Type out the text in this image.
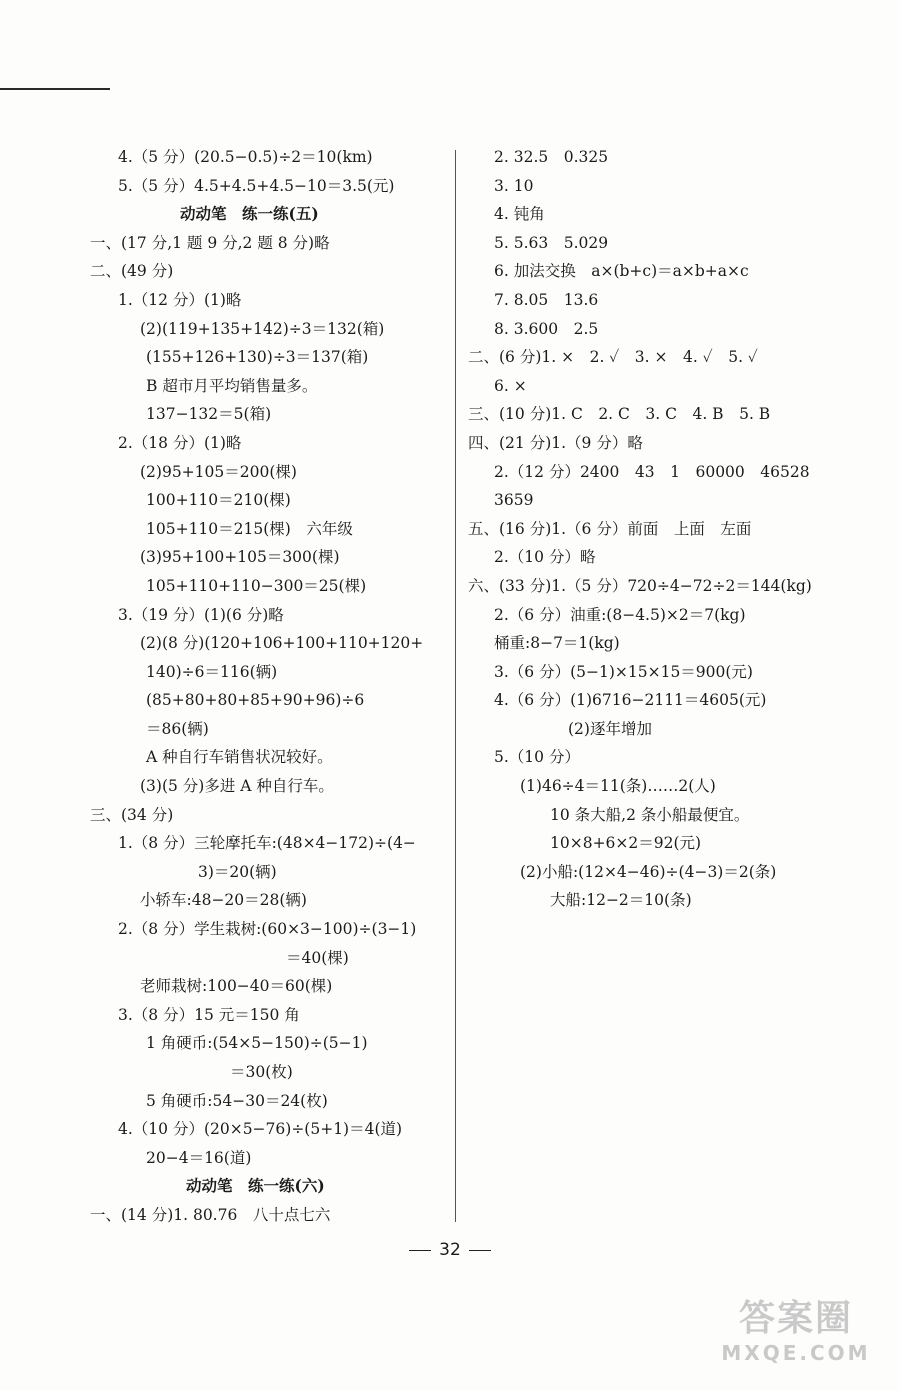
4.（5 分）(20.5−0.5)÷2＝10(km)
5.（5 分）4.5+4.5+4.5−10＝3.5(元)
动动笔　练一练(五)
一、(17 分,1 题 9 分,2 题 8 分)略
二、(49 分)
1.（12 分）(1)略
(2)(119+135+142)÷3＝132(箱)
(155+126+130)÷3＝137(箱)
B 超市月平均销售量多。
137−132＝5(箱)
2.（18 分）(1)略
(2)95+105＝200(棵)
100+110＝210(棵)
105+110＝215(棵)　六年级
(3)95+100+105＝300(棵)
105+110+110−300＝25(棵)
3.（19 分）(1)(6 分)略
(2)(8 分)(120+106+100+110+120+
140)÷6＝116(辆)
(85+80+80+85+90+96)÷6
＝86(辆)
A 种自行车销售状况较好。
(3)(5 分)多进 A 种自行车。
三、(34 分)
1.（8 分）三轮摩托车:(48×4−172)÷(4−
3)＝20(辆)
小轿车:48−20＝28(辆)
2.（8 分）学生栽树:(60×3−100)÷(3−1)
＝40(棵)
老师栽树:100−40＝60(棵)
3.（8 分）15 元＝150 角
1 角硬币:(54×5−150)÷(5−1)
＝30(枚)
5 角硬币:54−30＝24(枚)
4.（10 分）(20×5−76)÷(5+1)＝4(道)
20−4＝16(道)
动动笔　练一练(六)
一、(14 分)1. 80.76　八十点七六
2. 32.5　0.325
3. 10
4. 钝角
5. 5.63　5.029
6. 加法交换　a×(b+c)＝a×b+a×c
7. 8.05　13.6
8. 3.600　2.5
二、(6 分)1. ×　2. ✓　3. ×　4. ✓　5. ✓
6. ×
三、(10 分)1. C　2. C　3. C　4. B　5. B
四、(21 分)1.（9 分）略
2.（12 分）2400　43　1　60000　46528
3659
五、(16 分)1.（6 分）前面　上面　左面
2.（10 分）略
六、(33 分)1.（5 分）720÷4−72÷2＝144(kg)
2.（6 分）油重:(8−4.5)×2＝7(kg)
桶重:8−7＝1(kg)
3.（6 分）(5−1)×15×15＝900(元)
4.（6 分）(1)6716−2111＝4605(元)
(2)逐年增加
5.（10 分）
(1)46÷4＝11(条)……2(人)
10 条大船,2 条小船最便宜。
10×8+6×2＝92(元)
(2)小船:(12×4−46)÷(4−3)＝2(条)
大船:12−2＝10(条)
32
答案圈
MXQE.COM
